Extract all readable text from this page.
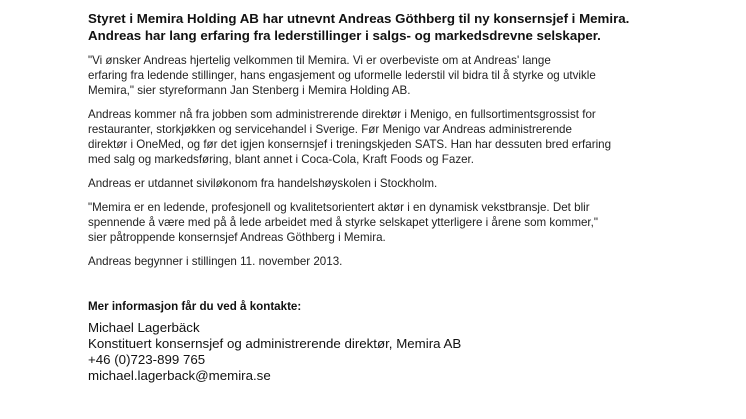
Styret i Memira Holding AB har utnevnt Andreas Göthberg til ny konsernsjef i Memira.
Andreas har lang erfaring fra lederstillinger i salgs- og markedsdrevne selskaper.
"Vi ønsker Andreas hjertelig velkommen til Memira. Vi er overbeviste om at Andreas' lange
erfaring fra ledende stillinger, hans engasjement og uformelle lederstil vil bidra til å styrke og utvikle
Memira," sier styreformann Jan Stenberg i Memira Holding AB.
Andreas kommer nå fra jobben som administrerende direktør i Menigo, en fullsortimentsgrossist for
restauranter, storkjøkken og servicehandel i Sverige. Før Menigo var Andreas administrerende
direktør i OneMed, og før det igjen konsernsjef i treningskjeden SATS. Han har dessuten bred erfaring
med salg og markedsføring, blant annet i Coca-Cola, Kraft Foods og Fazer.
Andreas er utdannet siviløkonom fra handelshøyskolen i Stockholm.
"Memira er en ledende, profesjonell og kvalitetsorientert aktør i en dynamisk vekstbransje. Det blir
spennende å være med på å lede arbeidet med å styrke selskapet ytterligere i årene som kommer,"
sier påtroppende konsernsjef Andreas Göthberg i Memira.
Andreas begynner i stillingen 11. november 2013.
Mer informasjon får du ved å kontakte:
Michael Lagerbäck
Konstituert konsernsjef og administrerende direktør, Memira AB
+46 (0)723-899 765
michael.lagerback@memira.se
